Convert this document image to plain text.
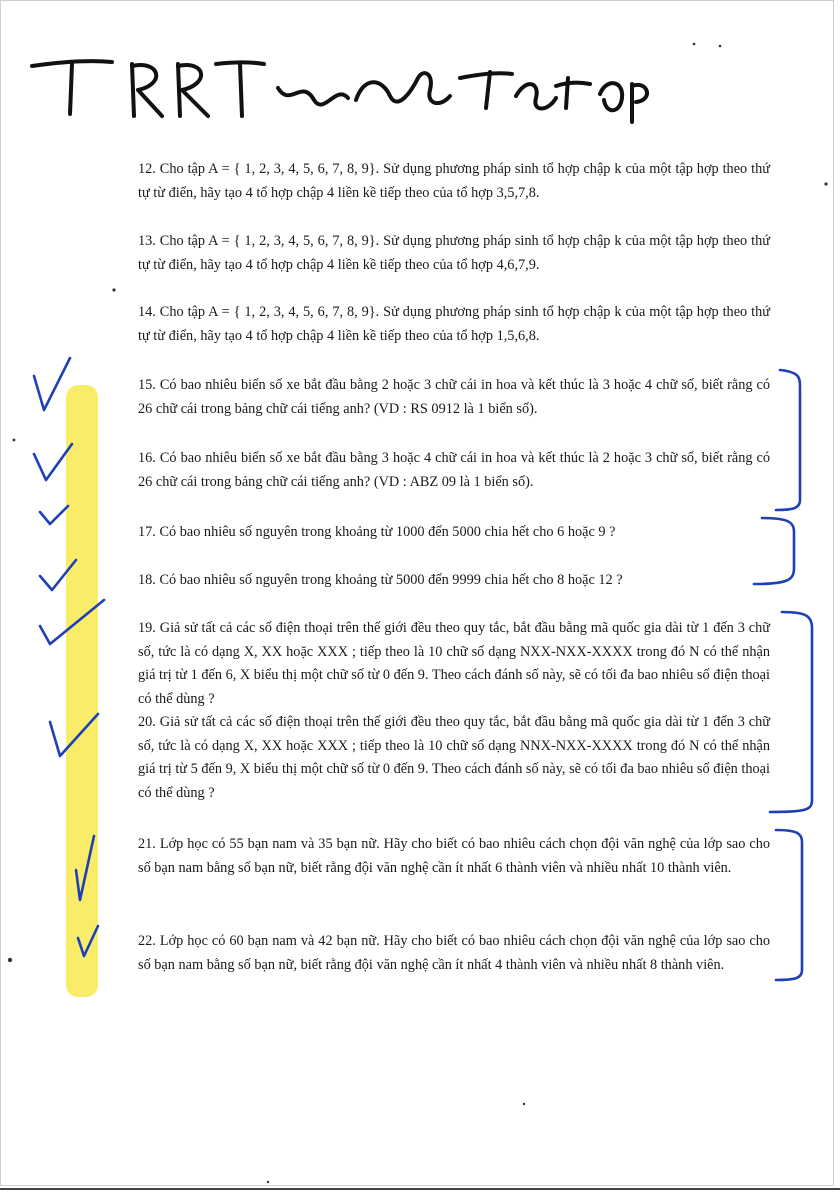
12. Cho tập A = { 1, 2, 3, 4, 5, 6, 7, 8, 9}. Sử dụng phương pháp sinh tổ hợp chập k của một tập hợp theo thứ tự từ điển, hãy tạo 4 tổ hợp chập 4 liền kề tiếp theo của tổ hợp 3,5,7,8.
13. Cho tập A = { 1, 2, 3, 4, 5, 6, 7, 8, 9}. Sử dụng phương pháp sinh tổ hợp chập k của một tập hợp theo thứ tự từ điển, hãy tạo 4 tổ hợp chập 4 liền kề tiếp theo của tổ hợp 4,6,7,9.
14. Cho tập A = { 1, 2, 3, 4, 5, 6, 7, 8, 9}. Sử dụng phương pháp sinh tổ hợp chập k của một tập hợp theo thứ tự từ điển, hãy tạo 4 tổ hợp chập 4 liền kề tiếp theo của tổ hợp 1,5,6,8.
15. Có bao nhiêu biển số xe bắt đầu bằng 2 hoặc 3 chữ cái in hoa và kết thúc là 3 hoặc 4 chữ số, biết rằng có 26 chữ cái trong bảng chữ cái tiếng anh? (VD : RS 0912 là 1 biển số).
16. Có bao nhiêu biển số xe bắt đầu bằng 3 hoặc 4 chữ cái in hoa và kết thúc là 2 hoặc 3 chữ số, biết rằng có 26 chữ cái trong bảng chữ cái tiếng anh? (VD : ABZ 09 là 1 biển số).
17. Có bao nhiêu số nguyên trong khoảng từ 1000 đến 5000 chia hết cho 6 hoặc 9 ?
18. Có bao nhiêu số nguyên trong khoảng từ 5000 đến 9999 chia hết cho 8 hoặc 12 ?
19. Giả sử tất cả các số điện thoại trên thế giới đều theo quy tắc, bắt đầu bằng mã quốc gia dài từ 1 đến 3 chữ số, tức là có dạng X, XX hoặc XXX ; tiếp theo là 10 chữ số dạng NXX-NXX-XXXX trong đó N có thể nhận giá trị từ 1 đến 6, X biểu thị một chữ số từ 0 đến 9. Theo cách đánh số này, sẽ có tối đa bao nhiêu số điện thoại có thể dùng ?
20. Giả sử tất cả các số điện thoại trên thế giới đều theo quy tắc, bắt đầu bằng mã quốc gia dài từ 1 đến 3 chữ số, tức là có dạng X, XX hoặc XXX ; tiếp theo là 10 chữ số dạng NNX-NXX-XXXX trong đó N có thể nhận giá trị từ 5 đến 9, X biểu thị một chữ số từ 0 đến 9. Theo cách đánh số này, sẽ có tối đa bao nhiêu số điện thoại có thể dùng ?
21. Lớp học có 55 bạn nam và 35 bạn nữ. Hãy cho biết có bao nhiêu cách chọn đội văn nghệ của lớp sao cho số bạn nam bằng số bạn nữ, biết rằng đội văn nghệ cần ít nhất 6 thành viên và nhiều nhất 10 thành viên.
22. Lớp học có 60 bạn nam và 42 bạn nữ. Hãy cho biết có bao nhiêu cách chọn đội văn nghệ của lớp sao cho số bạn nam bằng số bạn nữ, biết rằng đội văn nghệ cần ít nhất 4 thành viên và nhiều nhất 8 thành viên.
